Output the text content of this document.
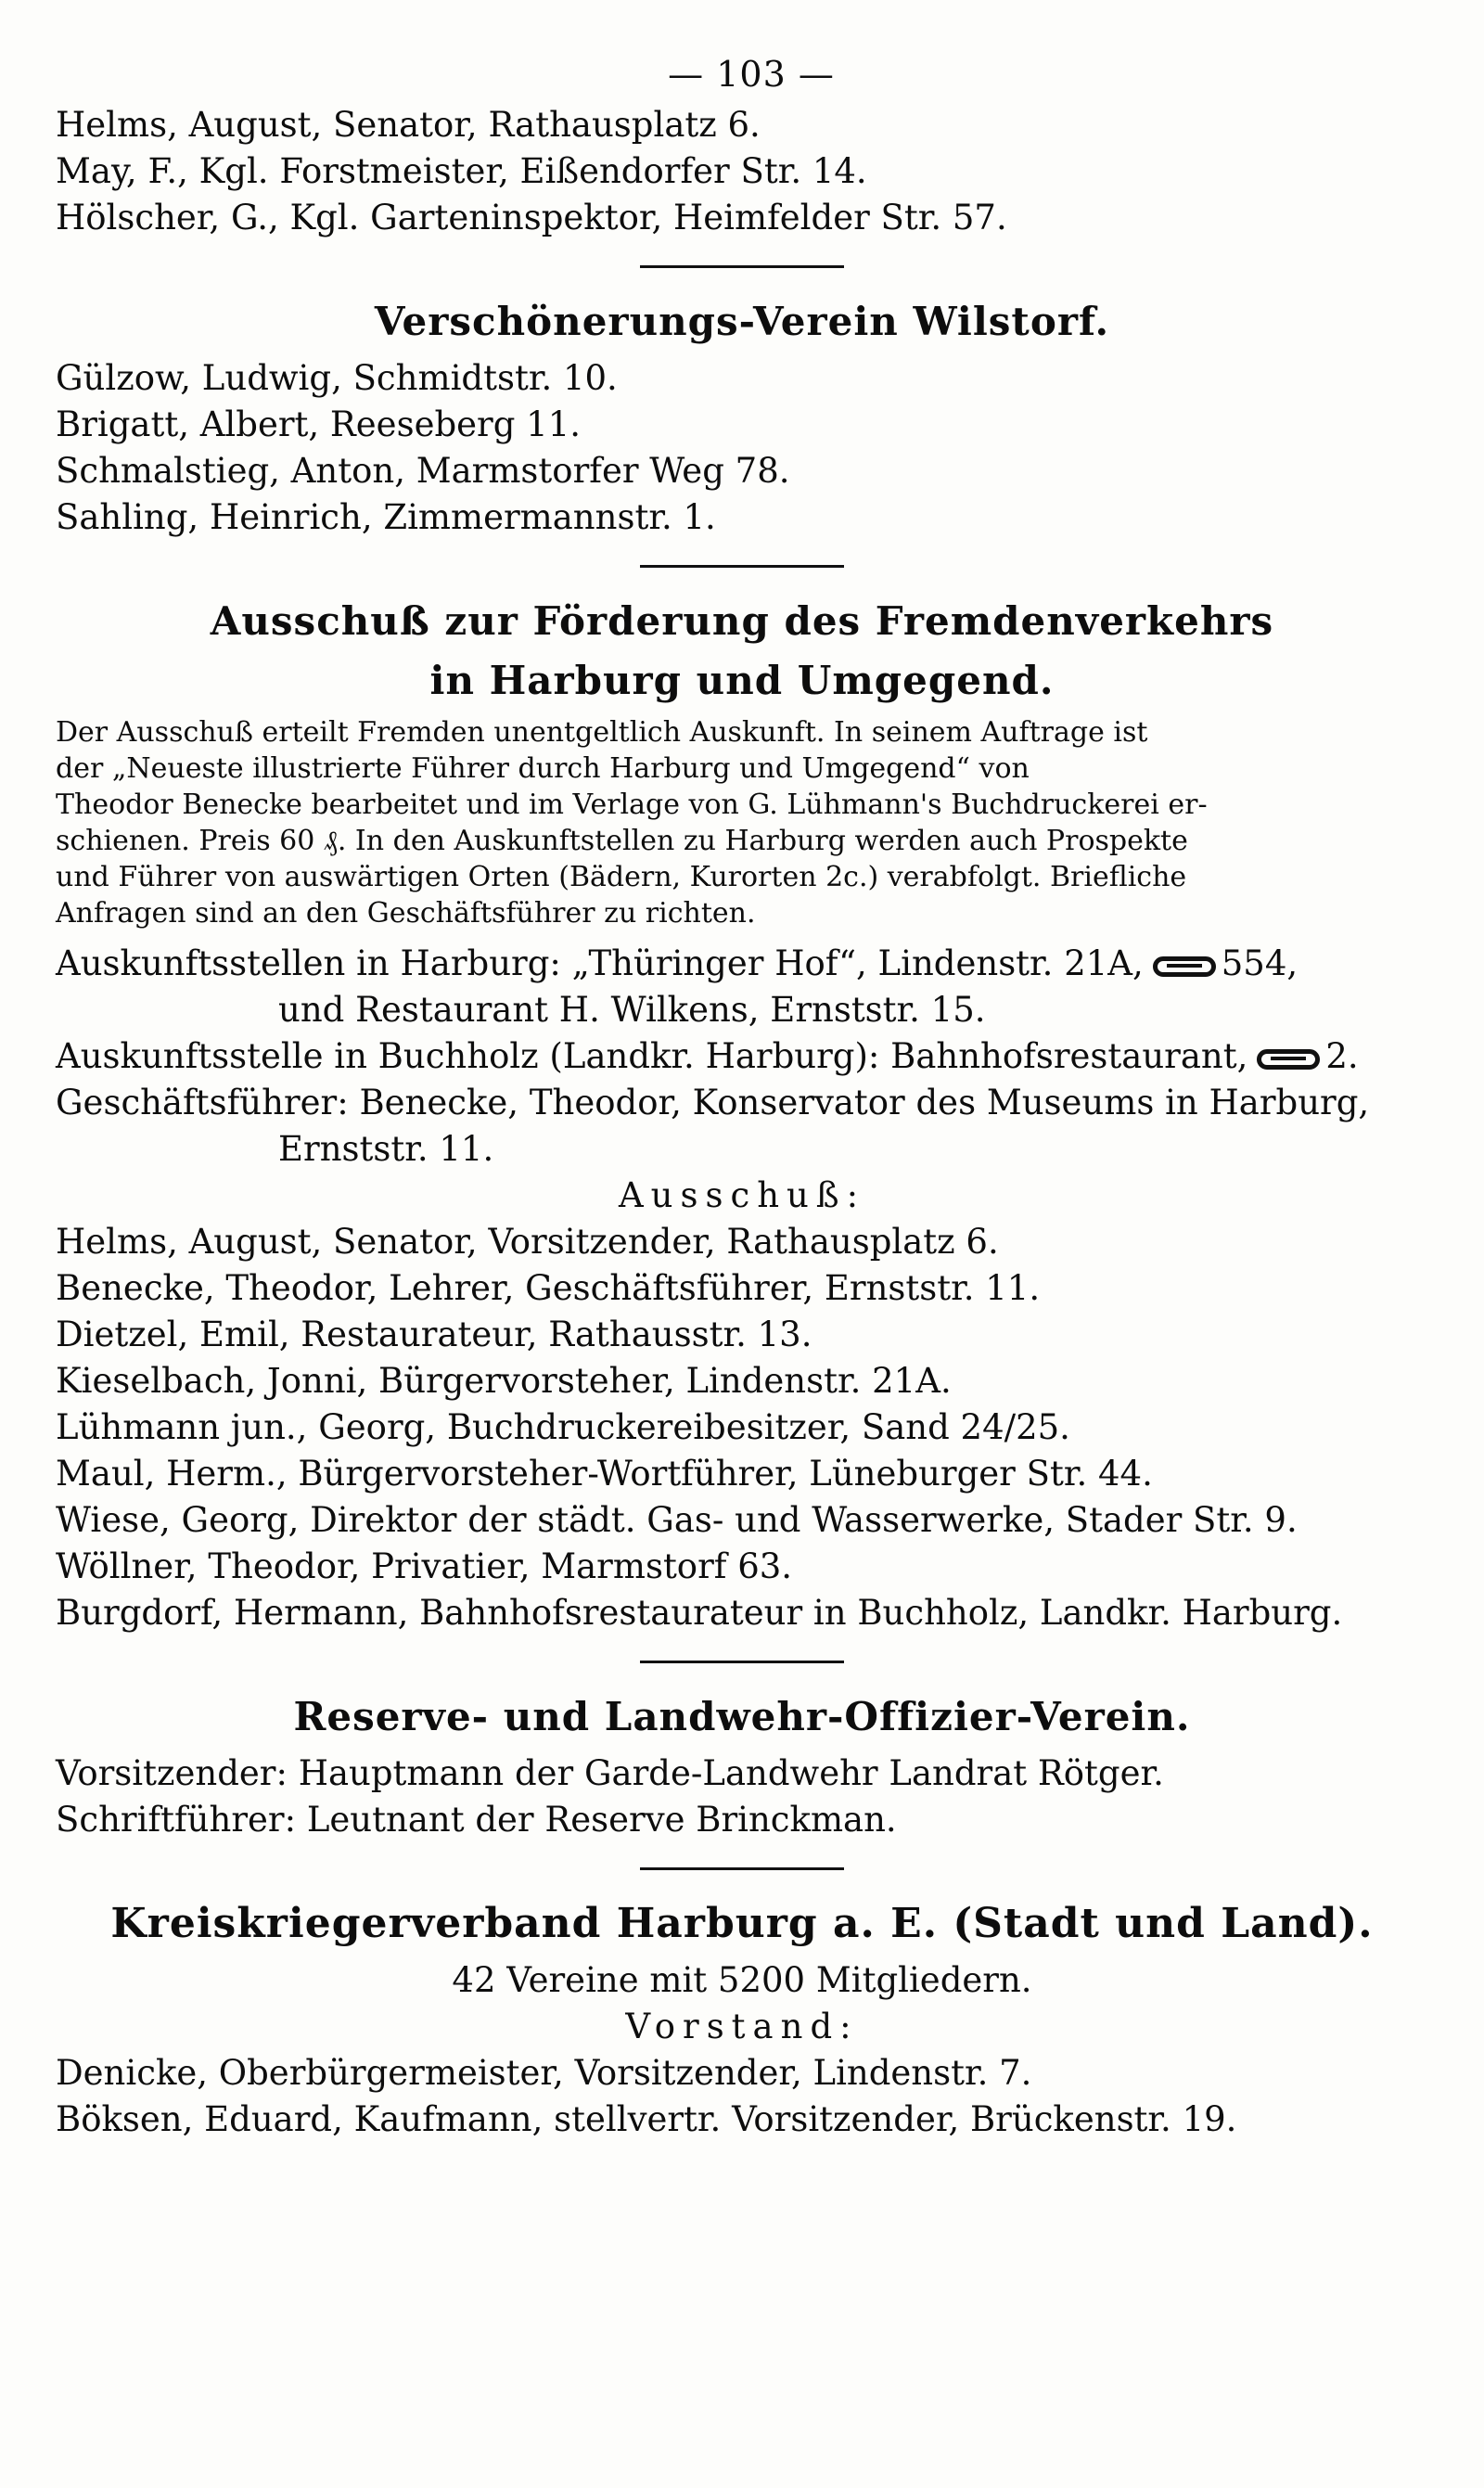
— 103 —
Helms, August, Senator, Rathausplatz 6.
May, F., Kgl. Forstmeister, Eißendorfer Str. 14.
Hölscher, G., Kgl. Garteninspektor, Heimfelder Str. 57.
Verschönerungs-Verein Wilstorf.
Gülzow, Ludwig, Schmidtstr. 10.
Brigatt, Albert, Reeseberg 11.
Schmalstieg, Anton, Marmstorfer Weg 78.
Sahling, Heinrich, Zimmermannstr. 1.
Ausschuß zur Förderung des Fremdenverkehrs
in Harburg und Umgegend.
Der Ausschuß erteilt Fremden unentgeltlich Auskunft. In seinem Auftrage ist
der „Neueste illustrierte Führer durch Harburg und Umgegend“ von
Theodor Benecke bearbeitet und im Verlage von G. Lühmann's Buchdruckerei er-
schienen. Preis 60 ₰. In den Auskunftstellen zu Harburg werden auch Prospekte
und Führer von auswärtigen Orten (Bädern, Kurorten 2c.) verabfolgt. Briefliche
Anfragen sind an den Geschäftsführer zu richten.
Auskunftsstellen in Harburg: „Thüringer Hof“, Lindenstr. 21A, 554,
und Restaurant H. Wilkens, Ernststr. 15.
Auskunftsstelle in Buchholz (Landkr. Harburg): Bahnhofsrestaurant, 2.
Geschäftsführer: Benecke, Theodor, Konservator des Museums in Harburg,
Ernststr. 11.
Ausschuß:
Helms, August, Senator, Vorsitzender, Rathausplatz 6.
Benecke, Theodor, Lehrer, Geschäftsführer, Ernststr. 11.
Dietzel, Emil, Restaurateur, Rathausstr. 13.
Kieselbach, Jonni, Bürgervorsteher, Lindenstr. 21A.
Lühmann jun., Georg, Buchdruckereibesitzer, Sand 24/25.
Maul, Herm., Bürgervorsteher-Wortführer, Lüneburger Str. 44.
Wiese, Georg, Direktor der städt. Gas- und Wasserwerke, Stader Str. 9.
Wöllner, Theodor, Privatier, Marmstorf 63.
Burgdorf, Hermann, Bahnhofsrestaurateur in Buchholz, Landkr. Harburg.
Reserve- und Landwehr-Offizier-Verein.
Vorsitzender: Hauptmann der Garde-Landwehr Landrat Rötger.
Schriftführer: Leutnant der Reserve Brinckman.
Kreiskriegerverband Harburg a. E. (Stadt und Land).
42 Vereine mit 5200 Mitgliedern.
Vorstand:
Denicke, Oberbürgermeister, Vorsitzender, Lindenstr. 7.
Böksen, Eduard, Kaufmann, stellvertr. Vorsitzender, Brückenstr. 19.
